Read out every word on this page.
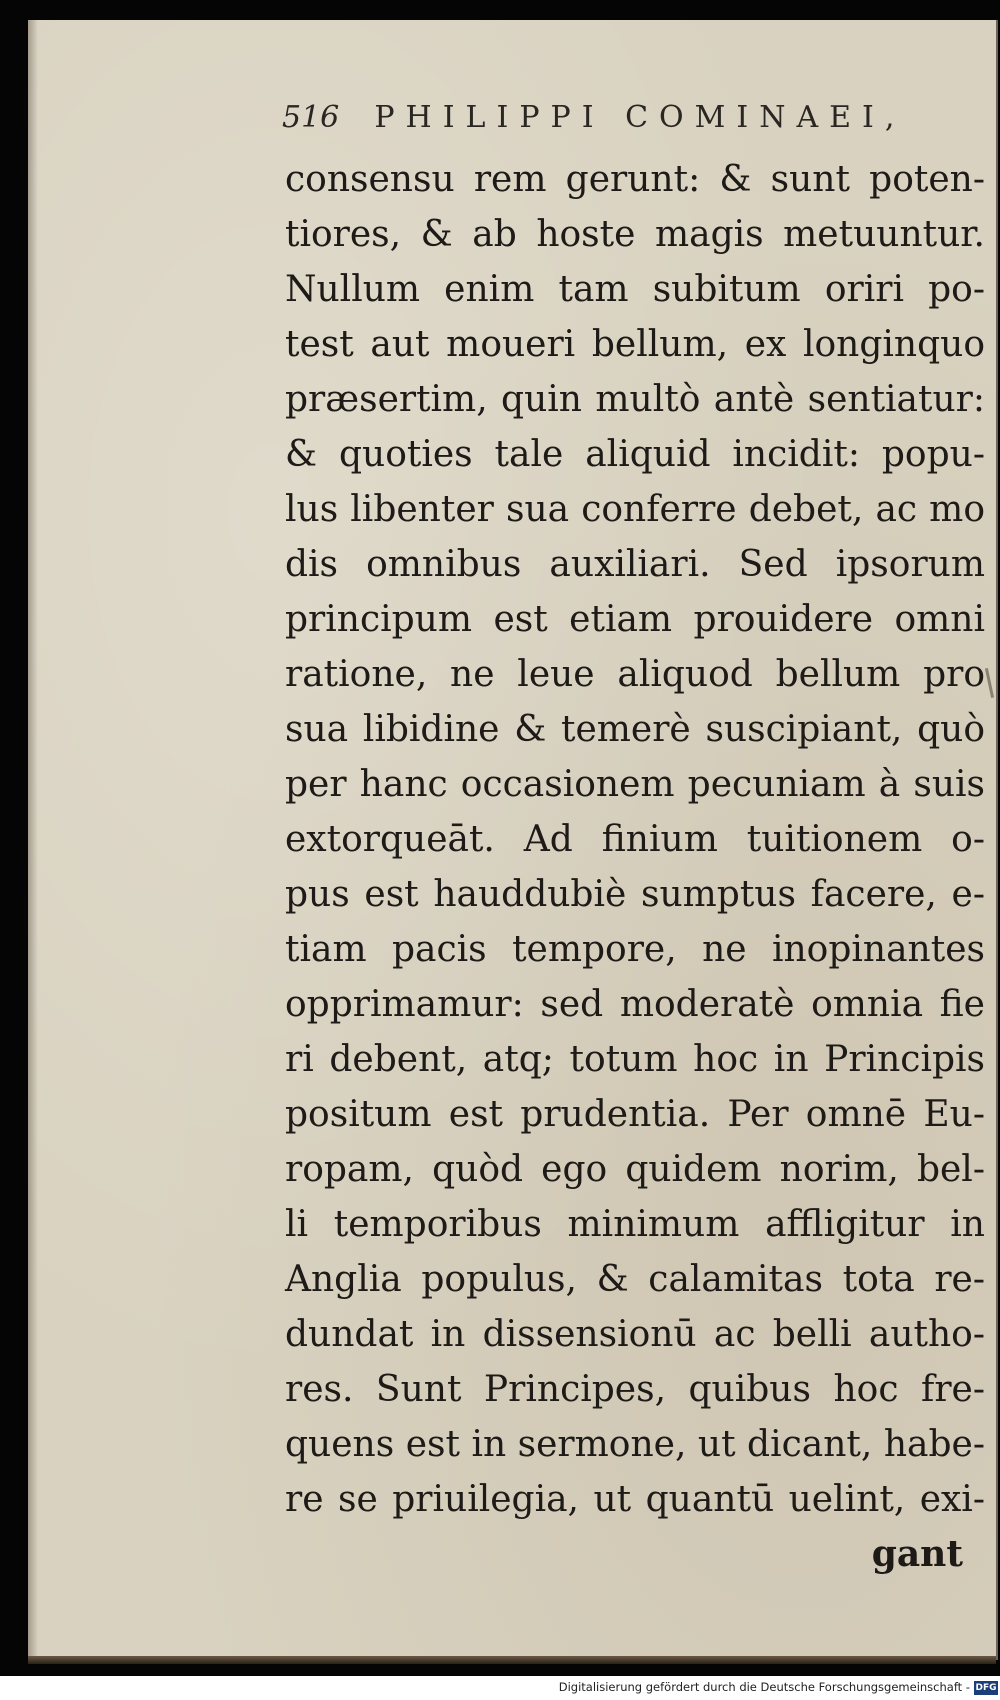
516 PHILIPPI COMINAEI,
consensu rem gerunt: & sunt poten-
tiores, & ab hoste magis metuuntur.
Nullum enim tam subitum oriri po-
test aut moueri bellum, ex longinquo
præsertim, quin multò antè sentiatur:
& quoties tale aliquid incidit: popu-
lus libenter sua conferre debet, ac mo
dis omnibus auxiliari. Sed ipsorum
principum est etiam prouidere omni
ratione, ne leue aliquod bellum pro
sua libidine & temerè suscipiant, quò
per hanc occasionem pecuniam à suis
extorqueāt. Ad finium tuitionem o-
pus est hauddubiè sumptus facere, e-
tiam pacis tempore, ne inopinantes
opprimamur: sed moderatè omnia fie
ri debent, atq; totum hoc in Principis
positum est prudentia. Per omnē Eu-
ropam, quòd ego quidem norim, bel-
li temporibus minimum affligitur in
Anglia populus, & calamitas tota re-
dundat in dissensionū ac belli autho-
res. Sunt Principes, quibus hoc fre-
quens est in sermone, ut dicant, habe-
re se priuilegia, ut quantū uelint, exi-
gant
Digitalisierung gefördert durch die Deutsche Forschungsgemeinschaft - DFG
